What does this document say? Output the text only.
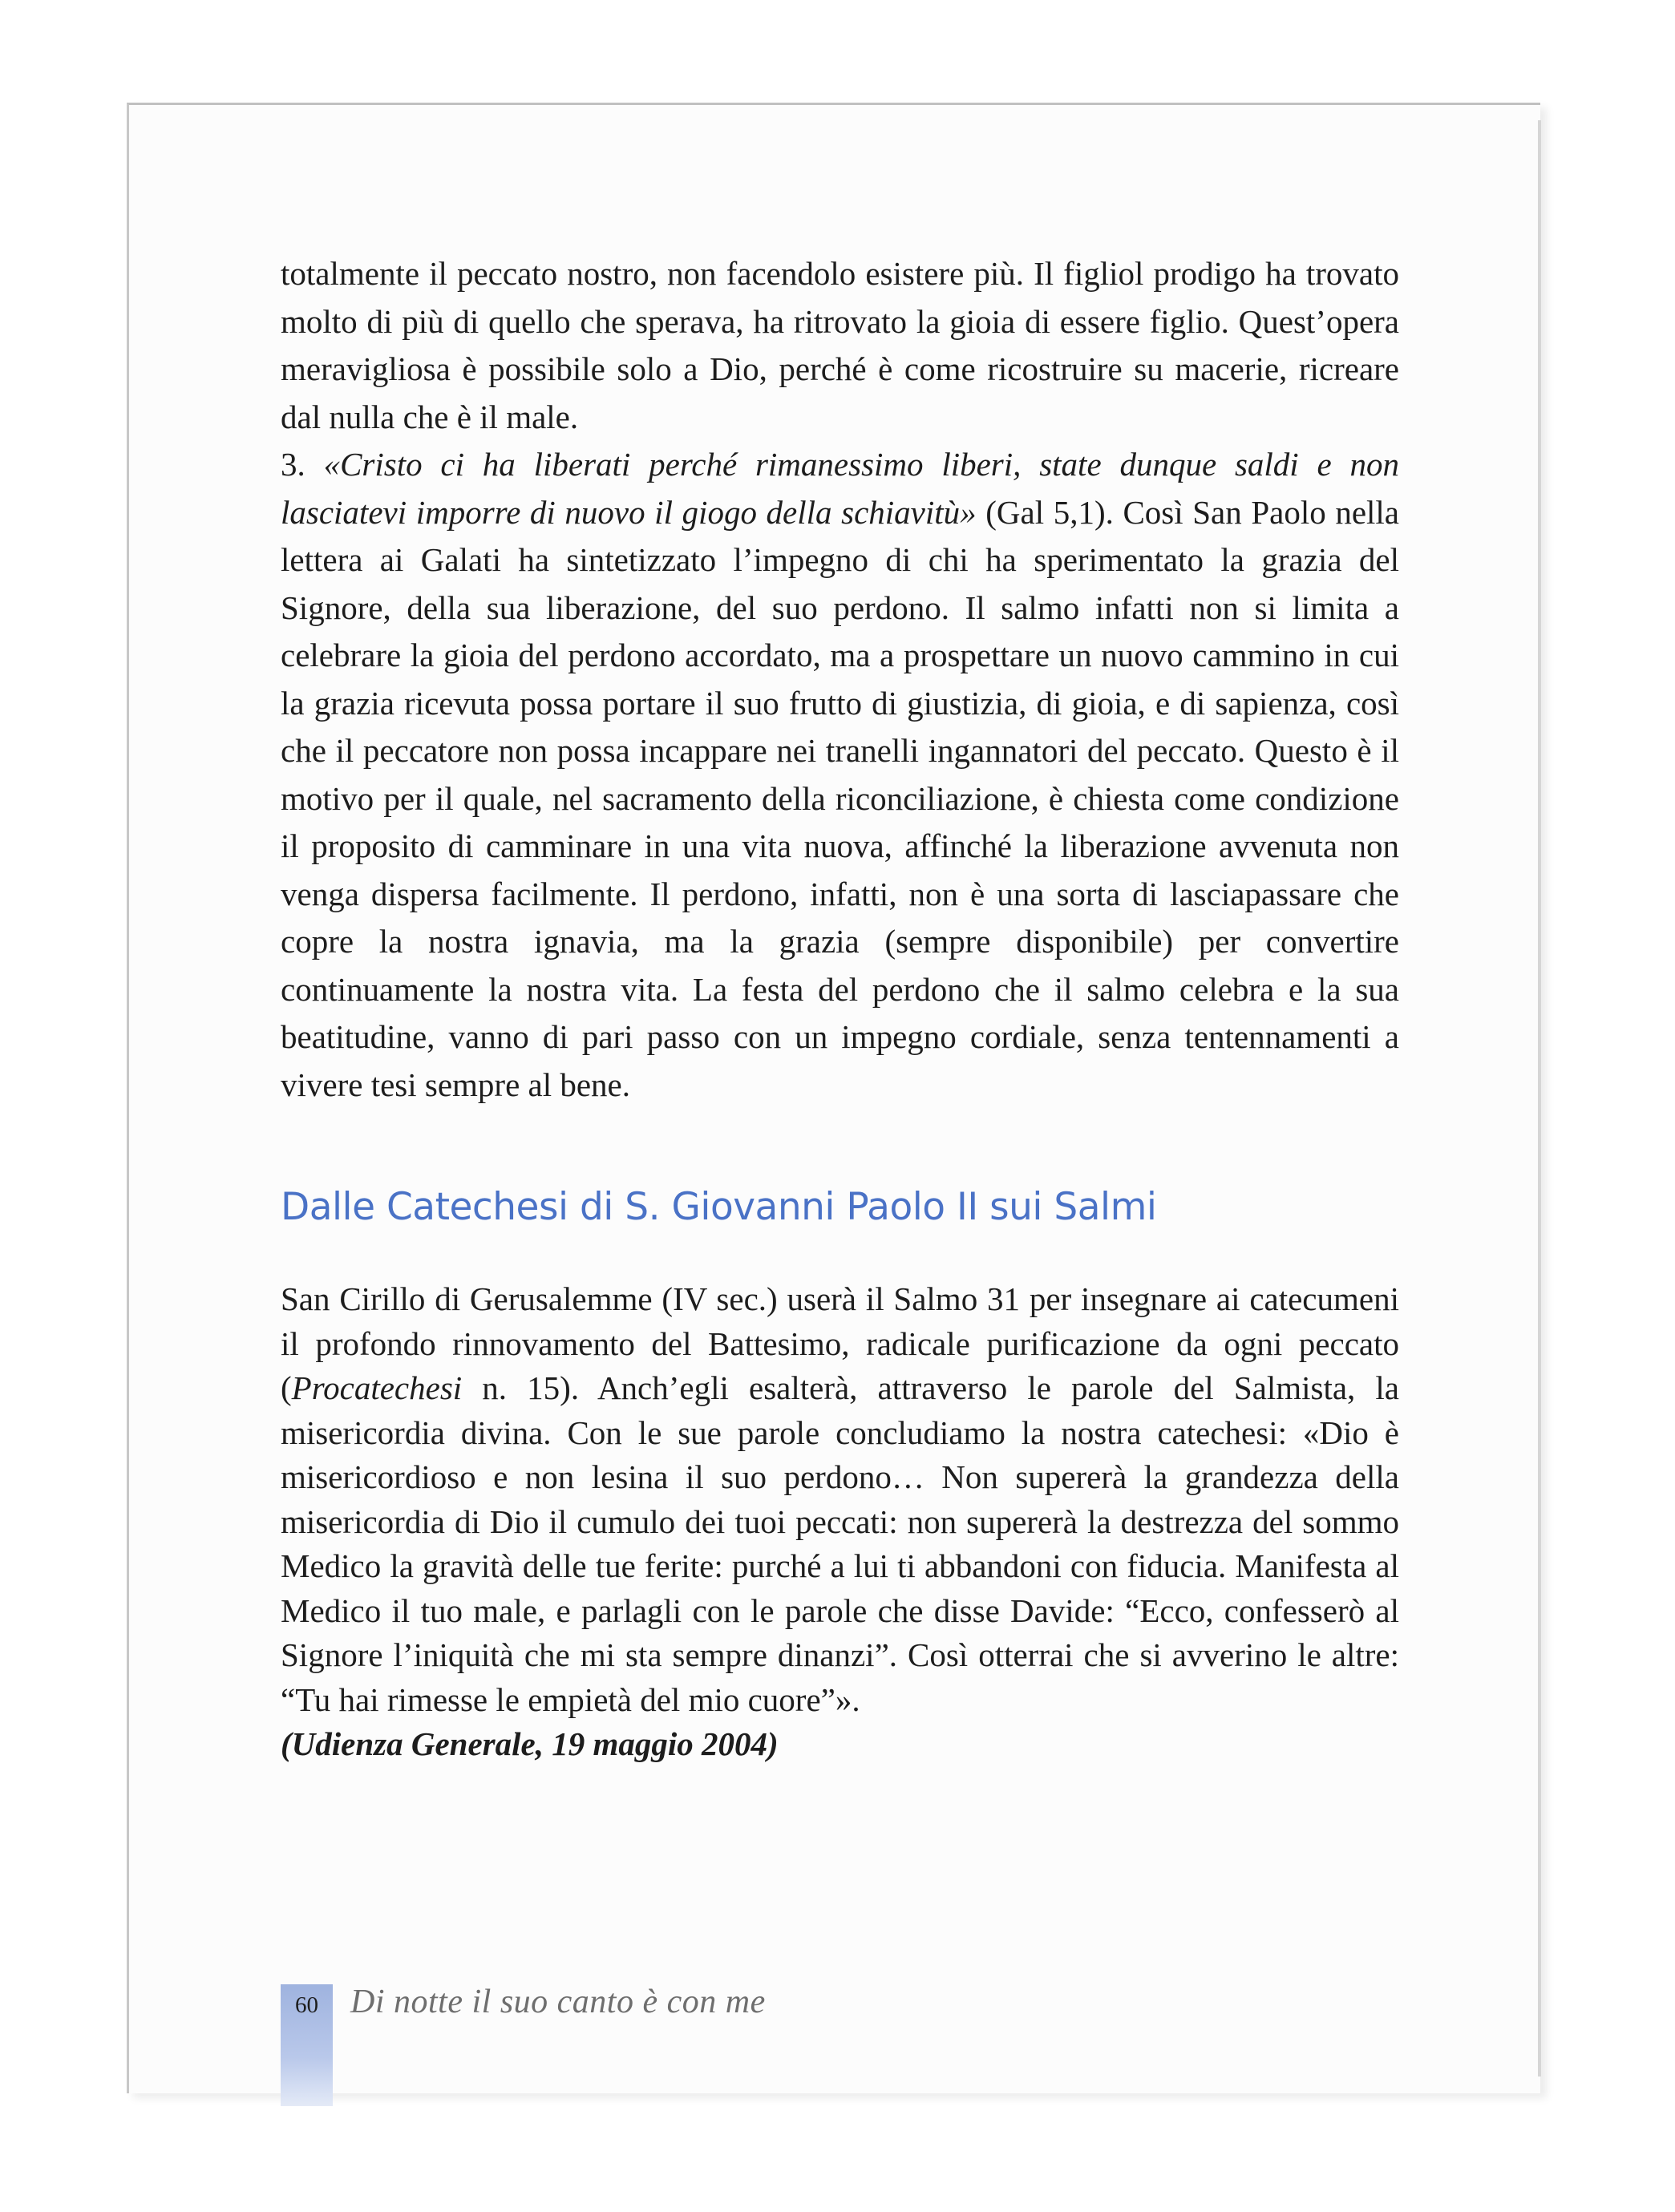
totalmente il peccato nostro, non facendolo esistere più. Il figliol prodigo ha trovato molto di più di quello che sperava, ha ritrovato la gioia di essere figlio. Quest’opera meravigliosa è possibile solo a Dio, perché è come ricostruire su macerie, ricreare dal nulla che è il male.

3. «Cristo ci ha liberati perché rimanessimo liberi, state dunque saldi e non lasciatevi imporre di nuovo il giogo della schiavitù» (Gal 5,1). Così San Paolo nella lettera ai Galati ha sintetizzato l’impegno di chi ha sperimentato la grazia del Signore, della sua liberazione, del suo perdono. Il salmo infatti non si limita a celebrare la gioia del perdono accordato, ma a prospettare un nuovo cammino in cui la grazia ricevuta possa portare il suo frutto di giustizia, di gioia, e di sapienza, così che il peccatore non possa incappare nei tranelli ingannatori del peccato. Questo è il motivo per il quale, nel sacramento della riconciliazione, è chiesta come condizione il proposito di camminare in una vita nuova, affinché la liberazione avvenuta non venga dispersa facilmente. Il perdono, infatti, non è una sorta di lasciapassare che copre la nostra ignavia, ma la grazia (sempre disponibile) per convertire continuamente la nostra vita. La festa del perdono che il salmo celebra e la sua beatitudine, vanno di pari passo con un impegno cordiale, senza tentennamenti a vivere tesi sempre al bene.

Dalle Catechesi di S. Giovanni Paolo II sui Salmi

San Cirillo di Gerusalemme (IV sec.) userà il Salmo 31 per insegnare ai catecumeni il profondo rinnovamento del Battesimo, radicale purificazione da ogni peccato (Procatechesi n. 15). Anch’egli esalterà, attraverso le parole del Salmista, la misericordia divina. Con le sue parole concludiamo la nostra catechesi: «Dio è misericordioso e non lesina il suo perdono… Non supererà la grandezza della misericordia di Dio il cumulo dei tuoi peccati: non supererà la destrezza del sommo Medico la gravità delle tue ferite: purché a lui ti abbandoni con fiducia. Manifesta al Medico il tuo male, e parlagli con le parole che disse Davide: “Ecco, confesserò al Signore l’iniquità che mi sta sempre dinanzi”. Così otterrai che si avverino le altre: “Tu hai rimesse le empietà del mio cuore”».

(Udienza Generale, 19 maggio 2004)

60 Di notte il suo canto è con me
